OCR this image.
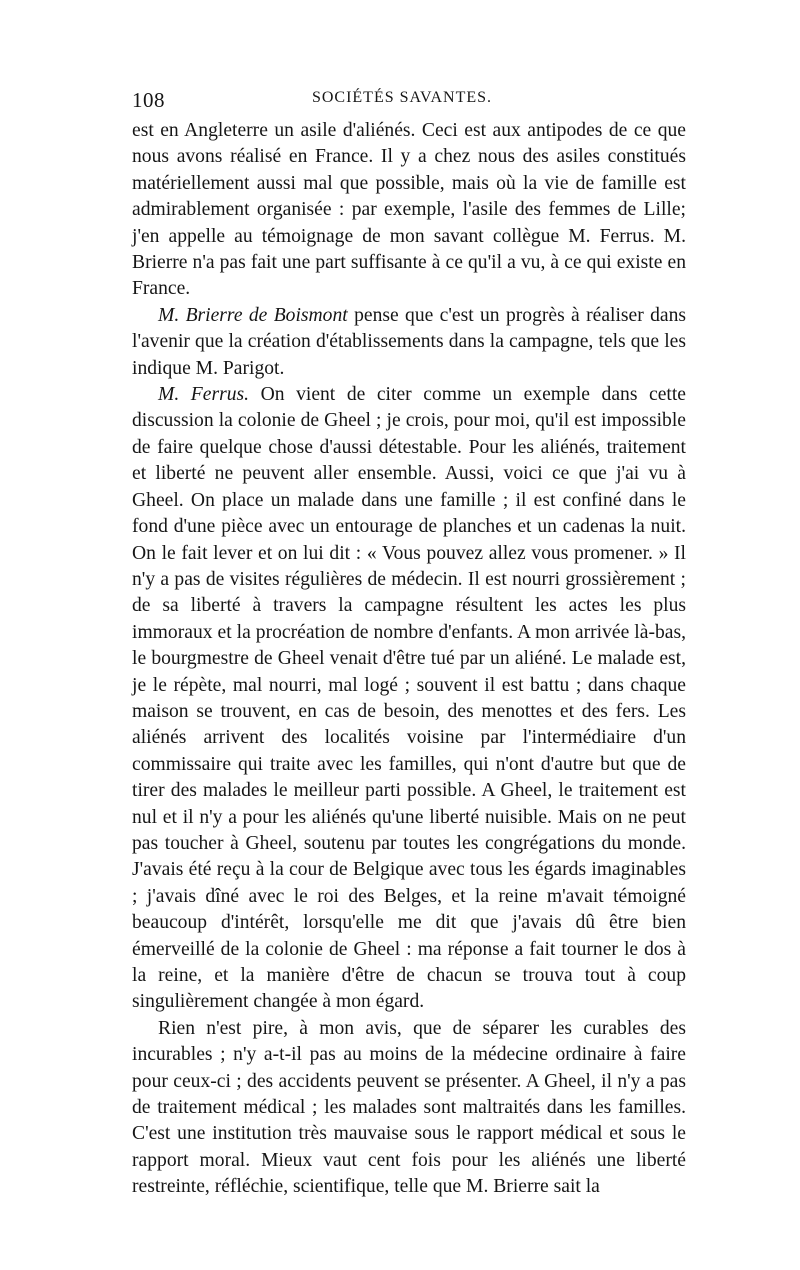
108	SOCIÉTÉS SAVANTES.

est en Angleterre un asile d'aliénés. Ceci est aux antipodes de ce que nous avons réalisé en France. Il y a chez nous des asiles constitués matériellement aussi mal que possible, mais où la vie de famille est admirablement organisée : par exemple, l'asile des femmes de Lille; j'en appelle au témoignage de mon savant collègue M. Ferrus. M. Brierre n'a pas fait une part suffisante à ce qu'il a vu, à ce qui existe en France.

M. Brierre de Boismont pense que c'est un progrès à réaliser dans l'avenir que la création d'établissements dans la campagne, tels que les indique M. Parigot.

M. Ferrus. On vient de citer comme un exemple dans cette discussion la colonie de Gheel ; je crois, pour moi, qu'il est impossible de faire quelque chose d'aussi détestable. Pour les aliénés, traitement et liberté ne peuvent aller ensemble. Aussi, voici ce que j'ai vu à Gheel. On place un malade dans une famille ; il est confiné dans le fond d'une pièce avec un entourage de planches et un cadenas la nuit. On le fait lever et on lui dit : « Vous pouvez allez vous promener. » Il n'y a pas de visites régulières de médecin. Il est nourri grossièrement ; de sa liberté à travers la campagne résultent les actes les plus immoraux et la procréation de nombre d'enfants. A mon arrivée là-bas, le bourgmestre de Gheel venait d'être tué par un aliéné. Le malade est, je le répète, mal nourri, mal logé ; souvent il est battu ; dans chaque maison se trouvent, en cas de besoin, des menottes et des fers. Les aliénés arrivent des localités voisine par l'intermédiaire d'un commissaire qui traite avec les familles, qui n'ont d'autre but que de tirer des malades le meilleur parti possible. A Gheel, le traitement est nul et il n'y a pour les aliénés qu'une liberté nuisible. Mais on ne peut pas toucher à Gheel, soutenu par toutes les congrégations du monde. J'avais été reçu à la cour de Belgique avec tous les égards imaginables ; j'avais dîné avec le roi des Belges, et la reine m'avait témoigné beaucoup d'intérêt, lorsqu'elle me dit que j'avais dû être bien émerveillé de la colonie de Gheel : ma réponse a fait tourner le dos à la reine, et la manière d'être de chacun se trouva tout à coup singulièrement changée à mon égard.

Rien n'est pire, à mon avis, que de séparer les curables des incurables ; n'y a-t-il pas au moins de la médecine ordinaire à faire pour ceux-ci ; des accidents peuvent se présenter. A Gheel, il n'y a pas de traitement médical ; les malades sont maltraités dans les familles. C'est une institution très mauvaise sous le rapport médical et sous le rapport moral. Mieux vaut cent fois pour les aliénés une liberté restreinte, réfléchie, scientifique, telle que M. Brierre sait la
